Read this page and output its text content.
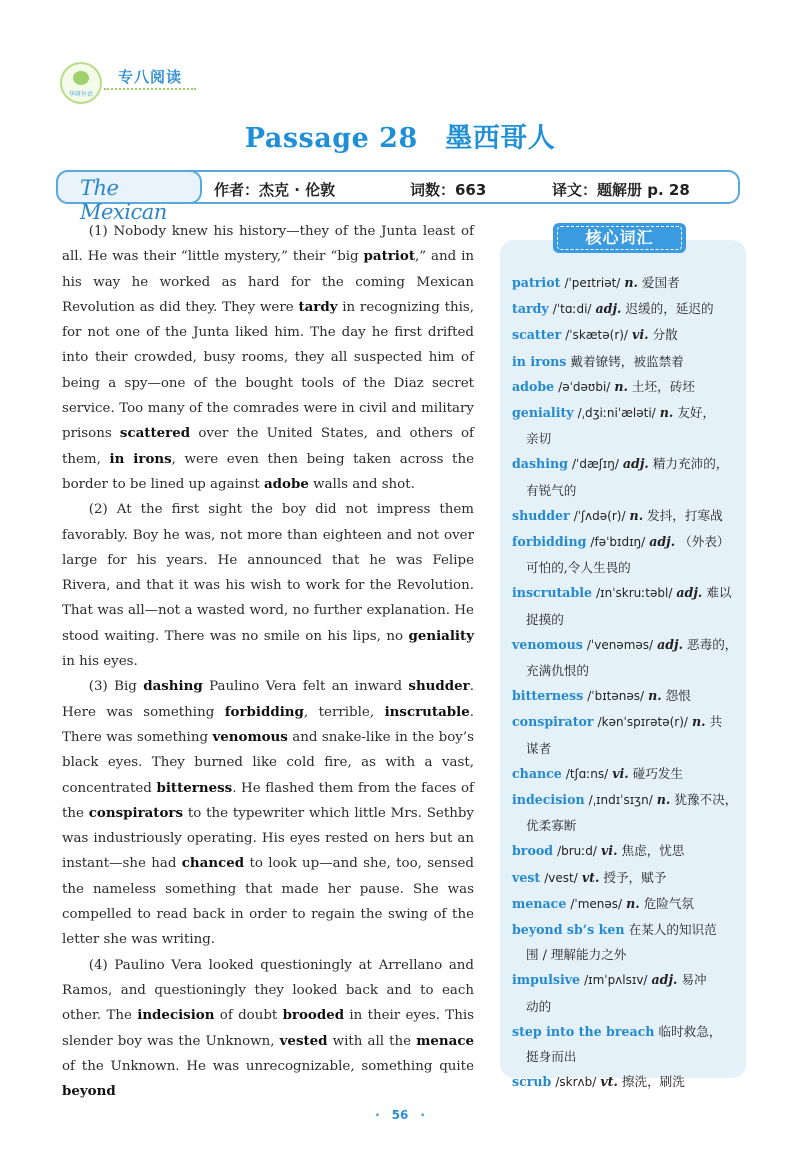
华研外语
专八阅读
Passage 28　墨西哥人
The Mexican
作者：杰克 · 伦敦	词数：663	译文：题解册 p. 28

(1) Nobody knew his history—they of the Junta least of all. He was their “little mystery,” their “big patriot,” and in his way he worked as hard for the coming Mexican Revolution as did they. They were tardy in recognizing this, for not one of the Junta liked him. The day he first drifted into their crowded, busy rooms, they all suspected him of being a spy—one of the bought tools of the Diaz secret service. Too many of the comrades were in civil and military prisons scattered over the United States, and others of them, in irons, were even then being taken across the border to be lined up against adobe walls and shot.

(2) At the first sight the boy did not impress them favorably. Boy he was, not more than eighteen and not over large for his years. He announced that he was Felipe Rivera, and that it was his wish to work for the Revolution. That was all—not a wasted word, no further explanation. He stood waiting. There was no smile on his lips, no geniality in his eyes.

(3) Big dashing Paulino Vera felt an inward shudder. Here was something forbidding, terrible, inscrutable. There was something venomous and snake-like in the boy’s black eyes. They burned like cold fire, as with a vast, concentrated bitterness. He flashed them from the faces of the conspirators to the typewriter which little Mrs. Sethby was industriously operating. His eyes rested on hers but an instant—she had chanced to look up—and she, too, sensed the nameless something that made her pause. She was compelled to read back in order to regain the swing of the letter she was writing.

(4) Paulino Vera looked questioningly at Arrellano and Ramos, and questioningly they looked back and to each other. The indecision of doubt brooded in their eyes. This slender boy was the Unknown, vested with all the menace of the Unknown. He was unrecognizable, something quite beyond

核心词汇
patriot /ˈpeɪtriət/ n. 爱国者
tardy /ˈtɑːdi/ adj. 迟缓的，延迟的
scatter /ˈskætə(r)/ vi. 分散
in irons 戴着镣铐，被监禁着
adobe /əˈdəʊbi/ n. 土坯，砖坯
geniality /ˌdʒiːniˈæləti/ n. 友好，
亲切
dashing /ˈdæʃɪŋ/ adj. 精力充沛的，
有锐气的
shudder /ˈʃʌdə(r)/ n. 发抖，打寒战
forbidding /fəˈbɪdɪŋ/ adj. （外表）
可怕的,令人生畏的
inscrutable /ɪnˈskruːtəbl/ adj. 难以
捉摸的
venomous /ˈvenəməs/ adj. 恶毒的，
充满仇恨的
bitterness /ˈbɪtənəs/ n. 怨恨
conspirator /kənˈspɪrətə(r)/ n. 共
谋者
chance /tʃɑːns/ vi. 碰巧发生
indecision /ˌɪndɪˈsɪʒn/ n. 犹豫不决，
优柔寡断
brood /bruːd/ vi. 焦虑，忧思
vest /vest/ vt. 授予，赋予
menace /ˈmenəs/ n. 危险气氛
beyond sb’s ken 在某人的知识范
围 / 理解能力之外
impulsive /ɪmˈpʌlsɪv/ adj. 易冲
动的
step into the breach 临时救急，
挺身而出
scrub /skrʌb/ vt. 擦洗，刷洗
·　56　·
